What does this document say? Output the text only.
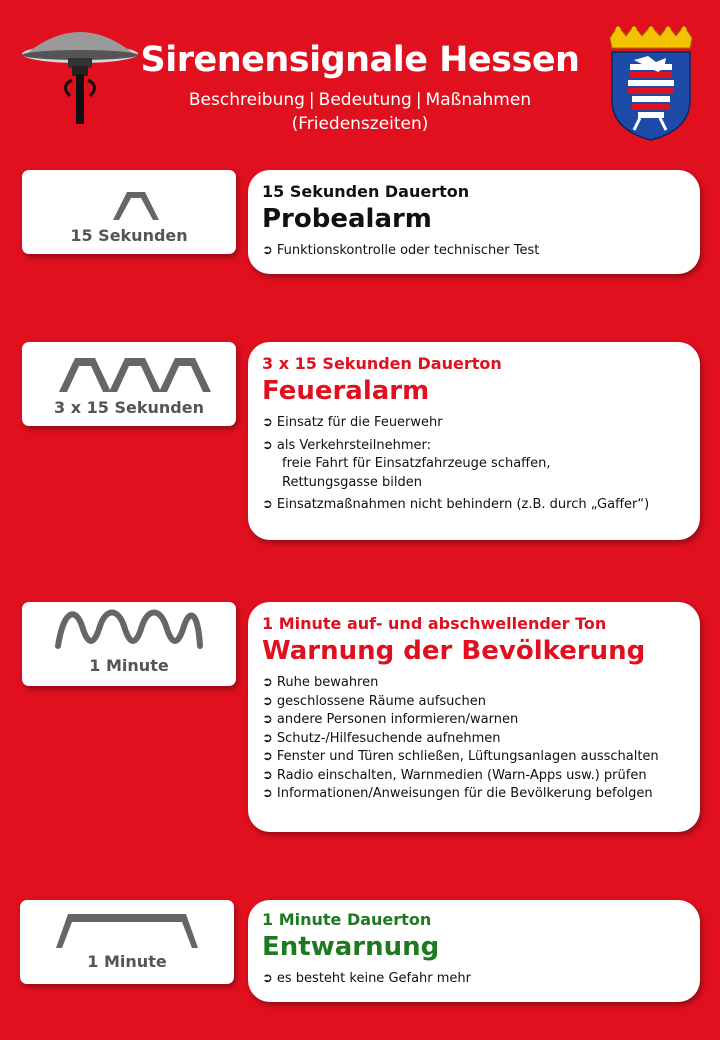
Sirenensignale Hessen
Beschreibung | Bedeutung | Maßnahmen
(Friedenszeiten)
15 Sekunden
15 Sekunden Dauerton
Probealarm
➲ Funktionskontrolle oder technischer Test
3 x 15 Sekunden
3 x 15 Sekunden Dauerton
Feueralarm
➲ Einsatz für die Feuerwehr
➲ als Verkehrsteilnehmer:
freie Fahrt für Einsatzfahrzeuge schaffen,
Rettungsgasse bilden
➲ Einsatzmaßnahmen nicht behindern (z.B. durch „Gaffer“)
1 Minute
1 Minute auf- und abschwellender Ton
Warnung der Bevölkerung
➲ Ruhe bewahren
➲ geschlossene Räume aufsuchen
➲ andere Personen informieren/warnen
➲ Schutz-/Hilfesuchende aufnehmen
➲ Fenster und Türen schließen, Lüftungsanlagen ausschalten
➲ Radio einschalten, Warnmedien (Warn-Apps usw.) prüfen
➲ Informationen/Anweisungen für die Bevölkerung befolgen
1 Minute
1 Minute Dauerton
Entwarnung
➲ es besteht keine Gefahr mehr
